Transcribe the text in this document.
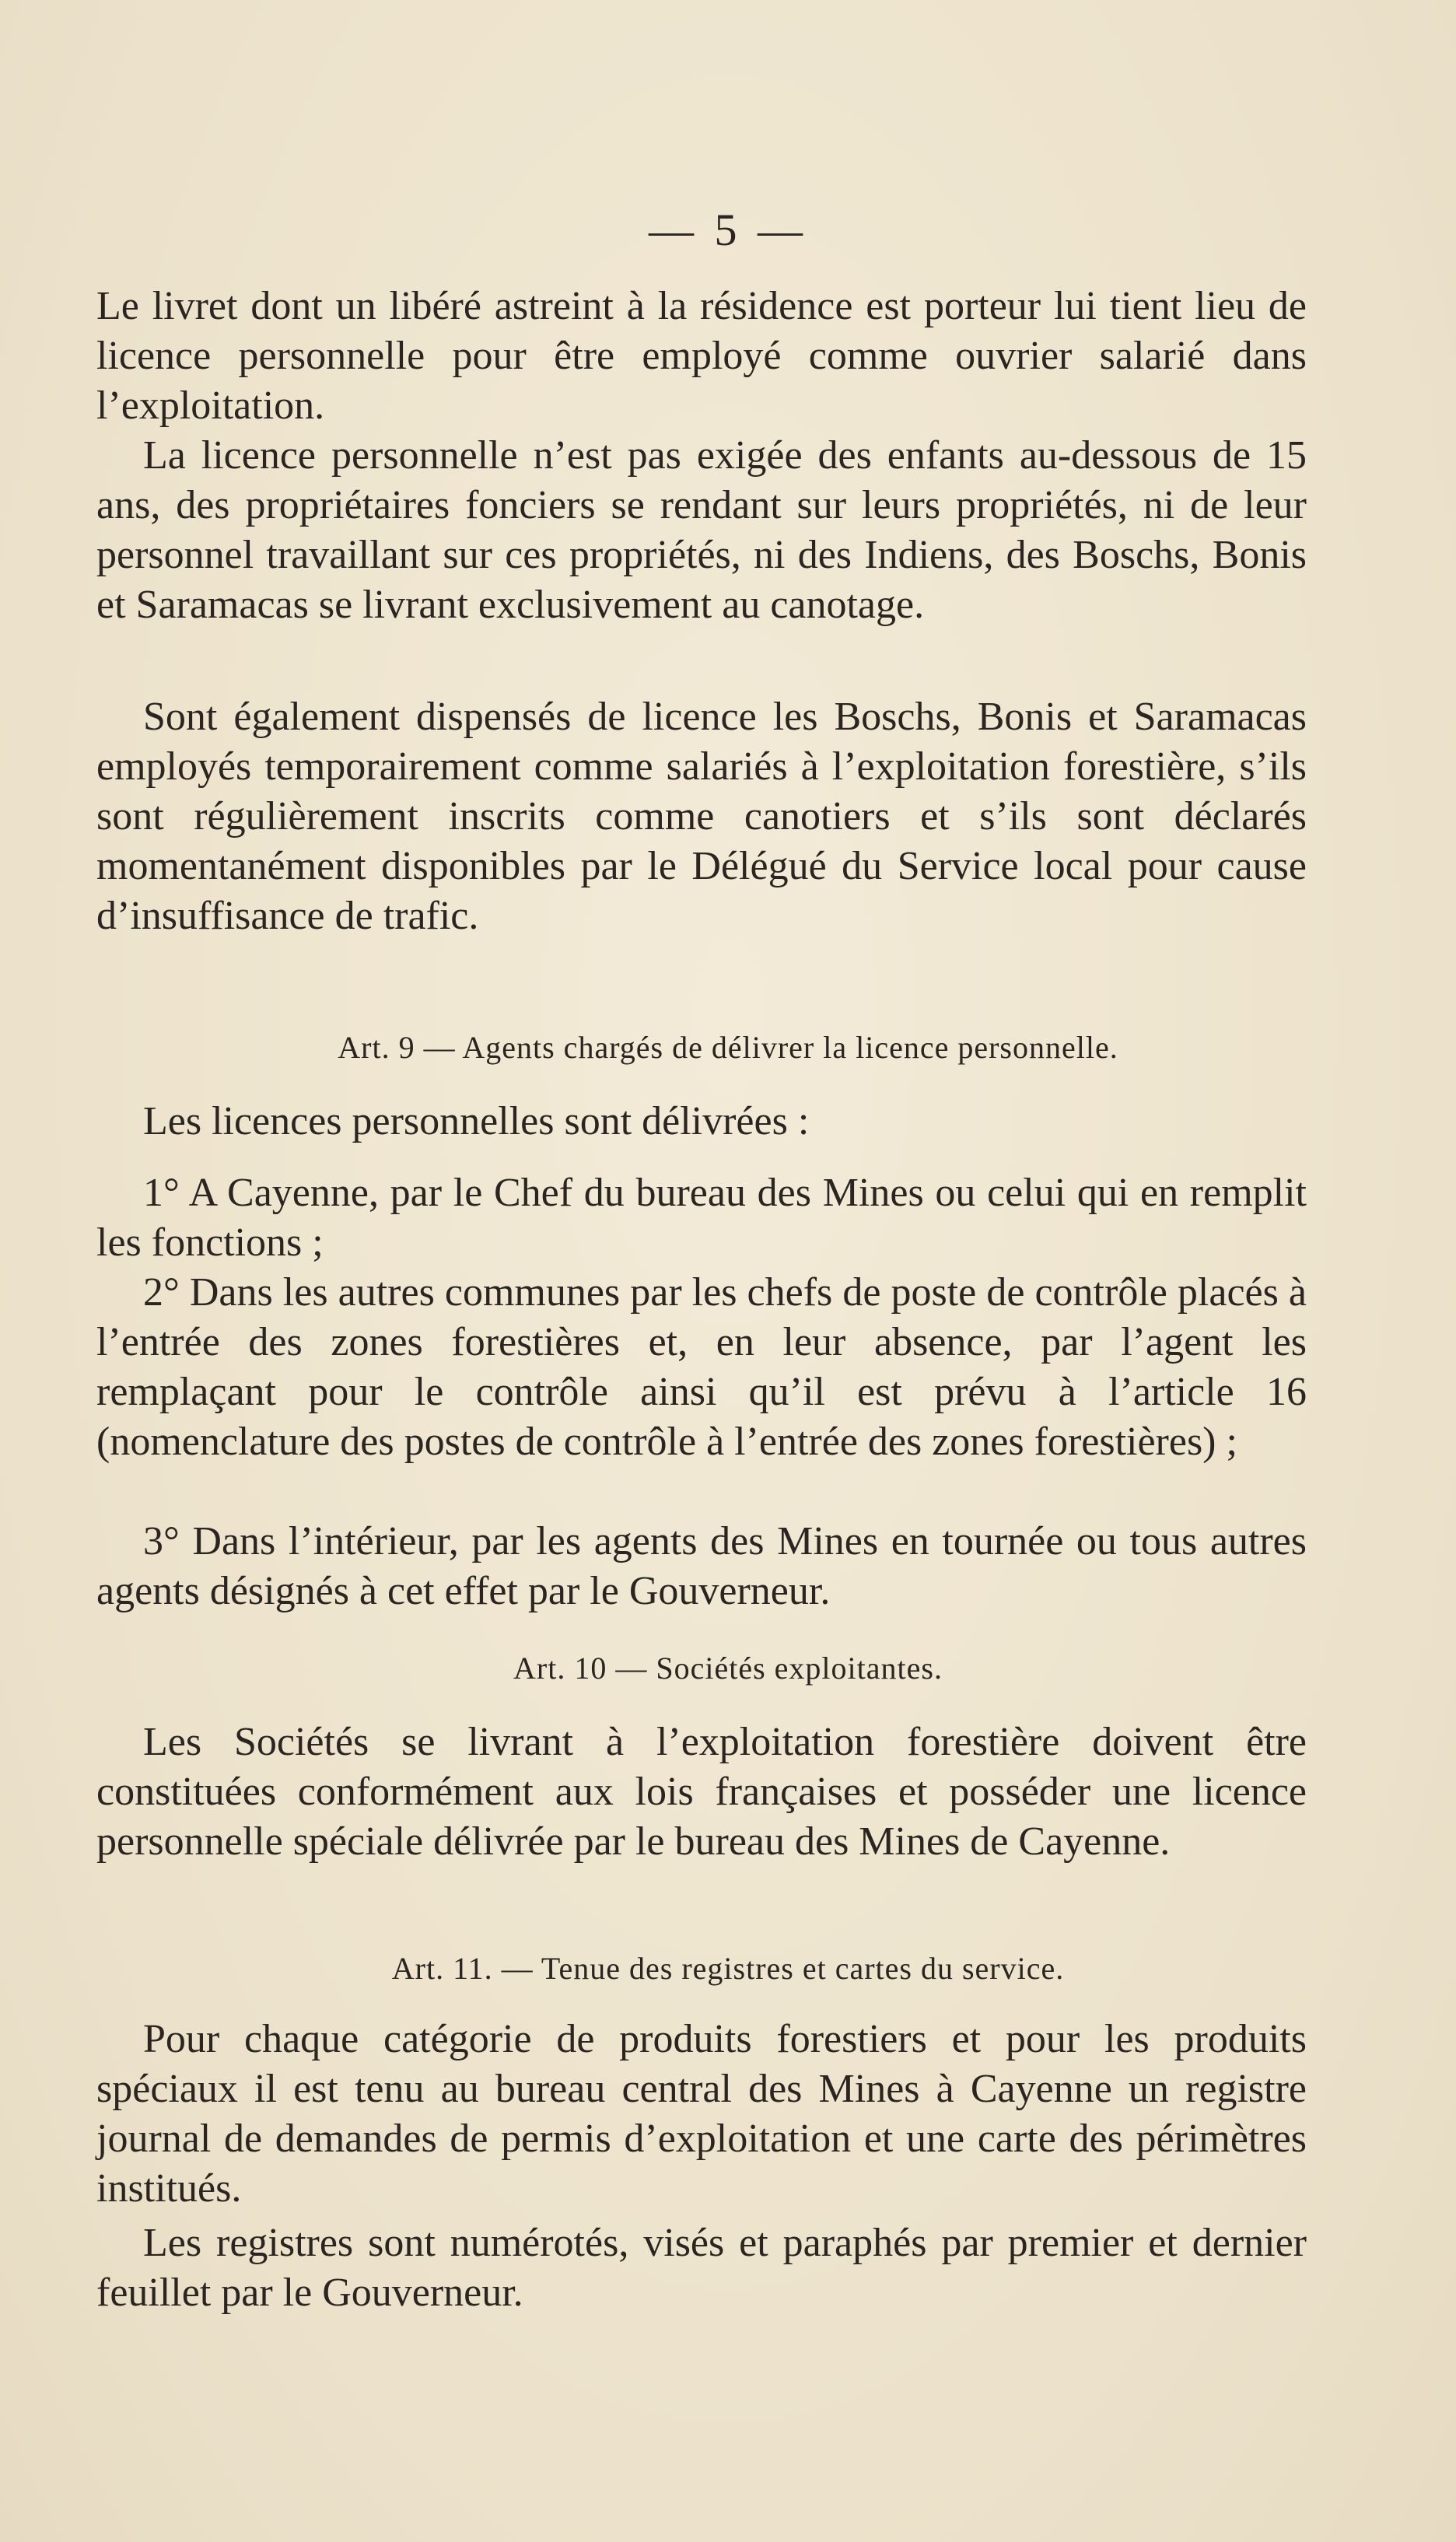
— 5 —

Le livret dont un libéré astreint à la résidence est porteur lui tient lieu de licence personnelle pour être employé comme ouvrier salarié dans l’exploitation.

La licence personnelle n’est pas exigée des enfants au-dessous de 15 ans, des propriétaires fonciers se rendant sur leurs propriétés, ni de leur personnel travaillant sur ces propriétés, ni des Indiens, des Boschs, Bonis et Saramacas se livrant exclusivement au canotage.

Sont également dispensés de licence les Boschs, Bonis et Saramacas employés temporairement comme salariés à l’exploitation forestière, s’ils sont régulièrement inscrits comme canotiers et s’ils sont déclarés momentanément disponibles par le Délégué du Service local pour cause d’insuffisance de trafic.

Art. 9 — Agents chargés de délivrer la licence personnelle.

Les licences personnelles sont délivrées :

1° A Cayenne, par le Chef du bureau des Mines ou celui qui en remplit les fonctions ;

2° Dans les autres communes par les chefs de poste de contrôle placés à l’entrée des zones forestières et, en leur absence, par l’agent les remplaçant pour le contrôle ainsi qu’il est prévu à l’article 16 (nomenclature des postes de contrôle à l’entrée des zones forestières) ;

3° Dans l’intérieur, par les agents des Mines en tournée ou tous autres agents désignés à cet effet par le Gouverneur.

Art. 10 — Sociétés exploitantes.

Les Sociétés se livrant à l’exploitation forestière doivent être constituées conformément aux lois françaises et posséder une licence personnelle spéciale délivrée par le bureau des Mines de Cayenne.

Art. 11. — Tenue des registres et cartes du service.

Pour chaque catégorie de produits forestiers et pour les produits spéciaux il est tenu au bureau central des Mines à Cayenne un registre journal de demandes de permis d’exploitation et une carte des périmètres institués.

Les registres sont numérotés, visés et paraphés par premier et dernier feuillet par le Gouverneur.
